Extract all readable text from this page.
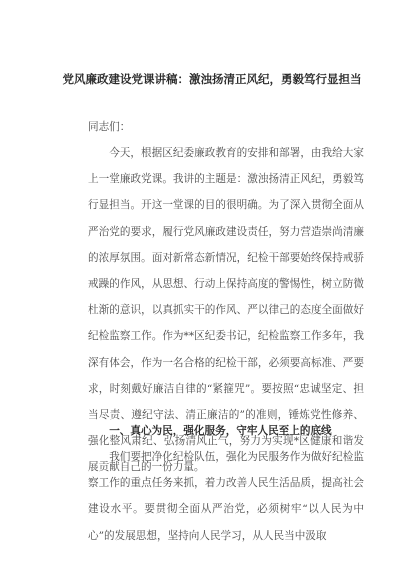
党风廉政建设党课讲稿：激浊扬清正风纪，勇毅笃行显担当
同志们：
今天，根据区纪委廉政教育的安排和部署，由我给大家上一堂廉政党课。我讲的主题是：激浊扬清正风纪，勇毅笃行显担当。开这一堂课的目的很明确。为了深入贯彻全面从严治党的要求，履行党风廉政建设责任，努力营造崇尚清廉的浓厚氛围。面对新常态新情况，纪检干部要始终保持戒骄戒躁的作风，从思想、行动上保持高度的警惕性，树立防微杜渐的意识，以真抓实干的作风、严以律己的态度全面做好纪检监察工作。作为**区纪委书记，纪检监察工作多年，我深有体会，作为一名合格的纪检干部，必须要高标准、严要求，时刻戴好廉洁自律的“紧箍咒”。要按照“忠诚坚定、担当尽责、遵纪守法、清正廉洁的”的准则，锤炼党性修养、强化整风肃纪、弘扬清风正气，努力为实现*区健康和谐发展贡献自己的一份力量。
一、真心为民，强化服务，守牢人民至上的底线
我们要把净化纪检队伍，强化为民服务作为做好纪检监察工作的重点任务来抓，着力改善人民生活品质，提高社会建设水平。要贯彻全面从严治党，必须树牢“以人民为中心”的发展思想，坚持向人民学习，从人民当中汲取
